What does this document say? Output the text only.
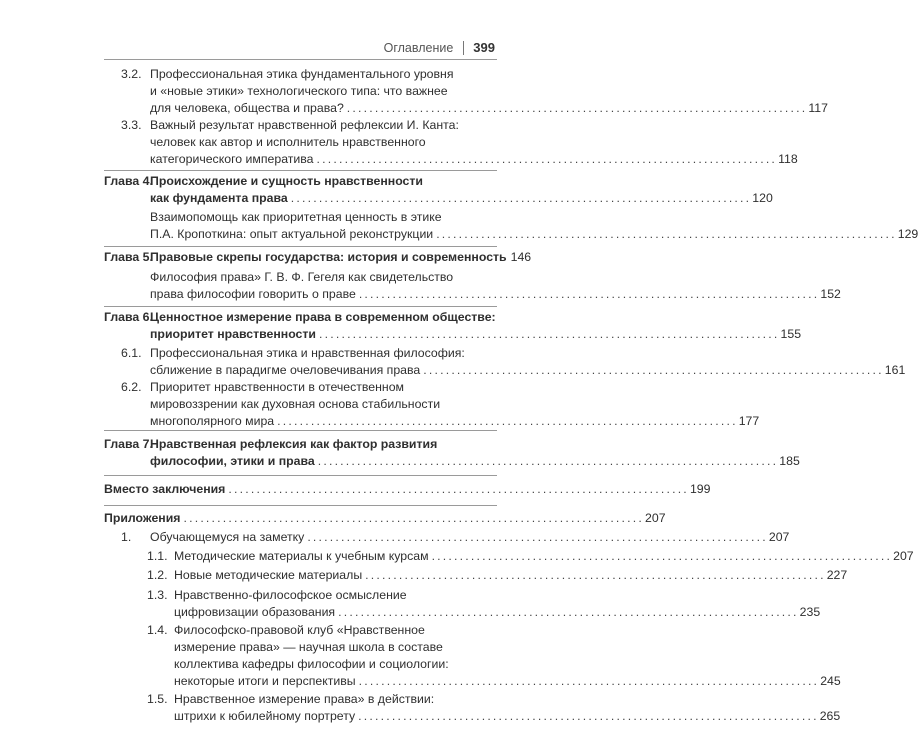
Оглавление 399
3.2. Профессиональная этика фундаментального уровня
и «новые этики» технологического типа: что важнее
для человека, общества и права? .................................................................................. 117
3.3. Важный результат нравственной рефлексии И. Канта:
человек как автор и исполнитель нравственного
категорического императива .................................................................................. 118
Глава 4.
Происхождение и сущность нравственности
как фундамента права .................................................................................. 120
Взаимопомощь как приоритетная ценность в этике
П.А. Кропоткина: опыт актуальной реконструкции .................................................................................. 129
Глава 5.
Правовые скрепы государства: история и современность 146
Философия права» Г. В. Ф. Гегеля как свидетельство
права философии говорить о праве .................................................................................. 152
Глава 6.
Ценностное измерение права в современном обществе:
приоритет нравственности .................................................................................. 155
6.1. Профессиональная этика и нравственная философия:
сближение в парадигме очеловечивания права .................................................................................. 161
6.2. Приоритет нравственности в отечественном
мировоззрении как духовная основа стабильности
многополярного мира .................................................................................. 177
Глава 7.
Нравственная рефлексия как фактор развития
философии, этики и права .................................................................................. 185
Вместо заключения .................................................................................. 199
Приложения .................................................................................. 207
1. Обучающемуся на заметку .................................................................................. 207
1.1. Методические материалы к учебным курсам .................................................................................. 207
1.2. Новые методические материалы .................................................................................. 227
1.3. Нравственно-философское осмысление
цифровизации образования .................................................................................. 235
1.4. Философско-правовой клуб «Нравственное
измерение права» — научная школа в составе
коллектива кафедры философии и социологии:
некоторые итоги и перспективы .................................................................................. 245
1.5. Нравственное измерение права» в действии:
штрихи к юбилейному портрету .................................................................................. 265
